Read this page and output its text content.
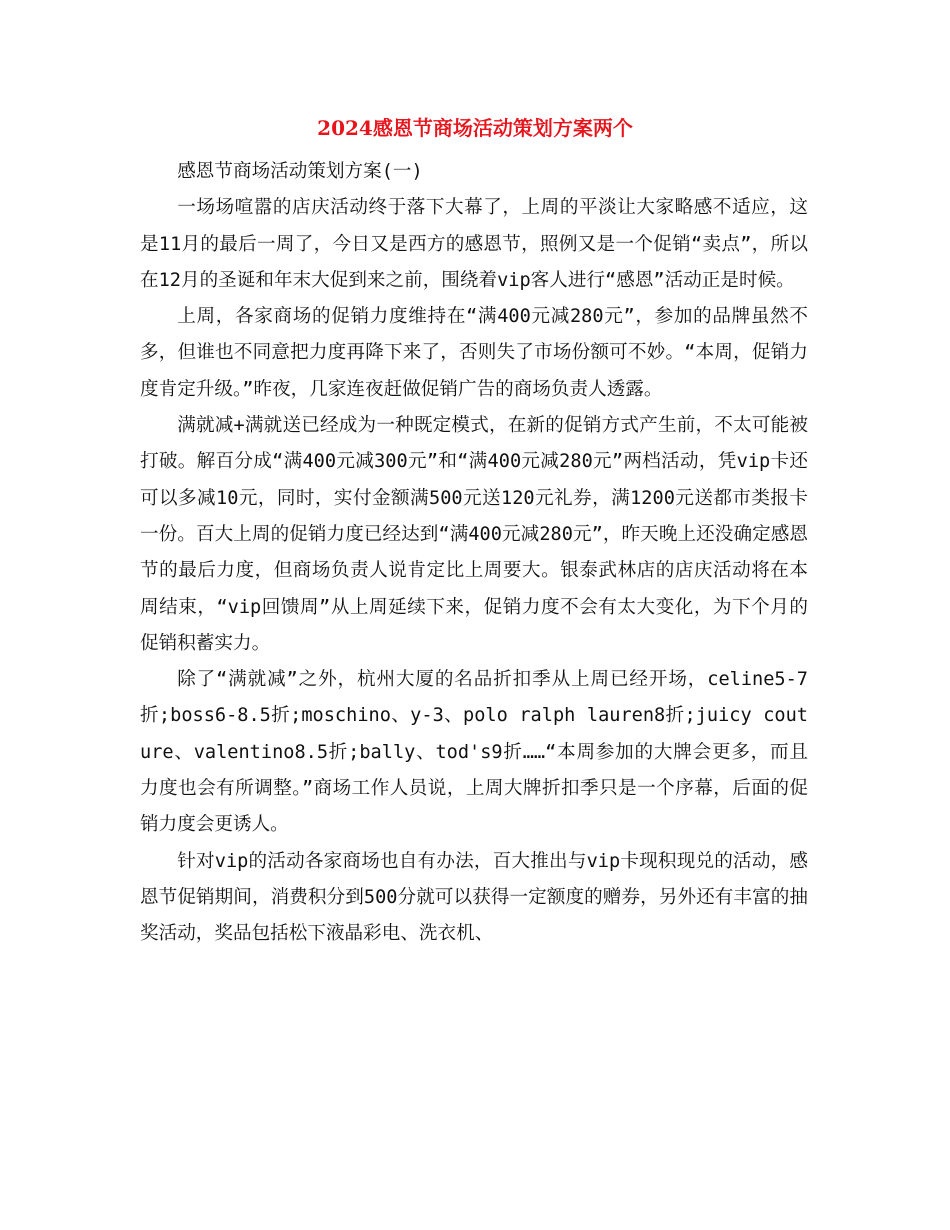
2024感恩节商场活动策划方案两个

感恩节商场活动策划方案(一)

一场场喧嚣的店庆活动终于落下大幕了，上周的平淡让大家略感不适应，这是11月的最后一周了，今日又是西方的感恩节，照例又是一个促销“卖点”，所以在12月的圣诞和年末大促到来之前，围绕着vip客人进行“感恩”活动正是时候。

上周，各家商场的促销力度维持在“满400元减280元”，参加的品牌虽然不多，但谁也不同意把力度再降下来了，否则失了市场份额可不妙。“本周，促销力度肯定升级。”昨夜，几家连夜赶做促销广告的商场负责人透露。

满就减+满就送已经成为一种既定模式，在新的促销方式产生前，不太可能被打破。解百分成“满400元减300元”和“满400元减280元”两档活动，凭vip卡还可以多减10元，同时，实付金额满500元送120元礼券，满1200元送都市类报卡一份。百大上周的促销力度已经达到“满400元减280元”，昨天晚上还没确定感恩节的最后力度，但商场负责人说肯定比上周要大。银泰武林店的店庆活动将在本周结束，“vip回馈周”从上周延续下来，促销力度不会有太大变化，为下个月的促销积蓄实力。

除了“满就减”之外，杭州大厦的名品折扣季从上周已经开场，celine5-7折;boss6-8.5折;moschino、y-3、polo ralph lauren8折;juicy couture、valentino8.5折;bally、tod's9折……“本周参加的大牌会更多，而且力度也会有所调整。”商场工作人员说，上周大牌折扣季只是一个序幕，后面的促销力度会更诱人。

针对vip的活动各家商场也自有办法，百大推出与vip卡现积现兑的活动，感恩节促销期间，消费积分到500分就可以获得一定额度的赠券，另外还有丰富的抽奖活动，奖品包括松下液晶彩电、洗衣机、
